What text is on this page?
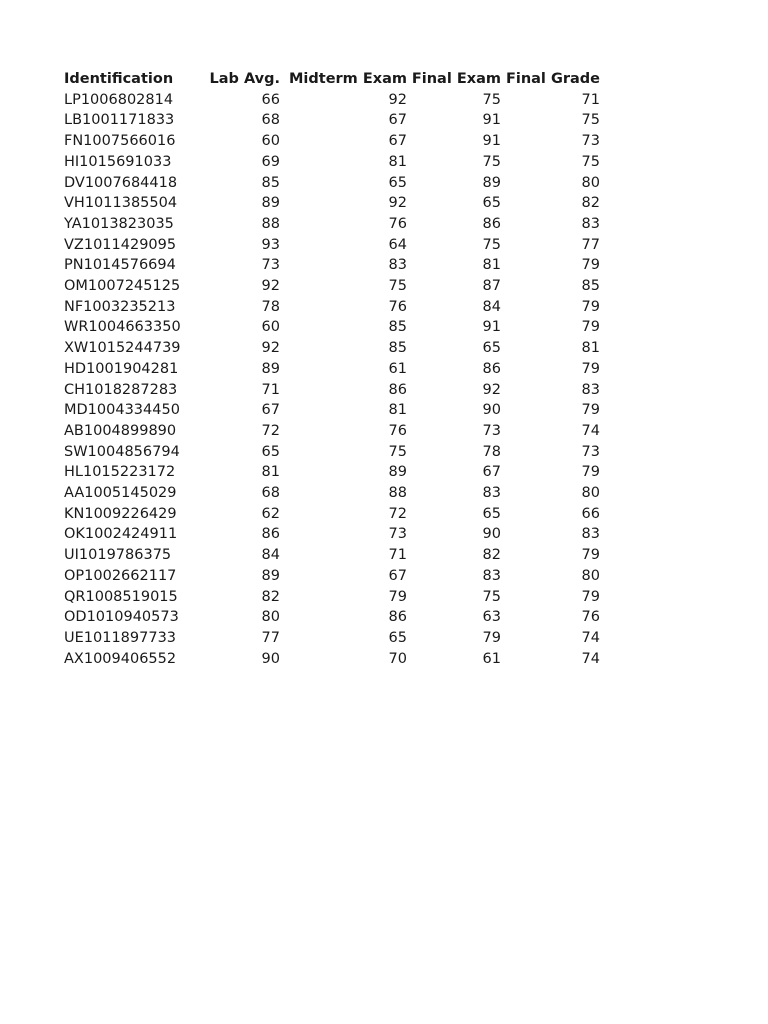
Identification	Lab Avg.	Midterm Exam	Final Exam	Final Grade
LP1006802814	66	92	75	71
LB1001171833	68	67	91	75
FN1007566016	60	67	91	73
HI1015691033	69	81	75	75
DV1007684418	85	65	89	80
VH1011385504	89	92	65	82
YA1013823035	88	76	86	83
VZ1011429095	93	64	75	77
PN1014576694	73	83	81	79
OM1007245125	92	75	87	85
NF1003235213	78	76	84	79
WR1004663350	60	85	91	79
XW1015244739	92	85	65	81
HD1001904281	89	61	86	79
CH1018287283	71	86	92	83
MD1004334450	67	81	90	79
AB1004899890	72	76	73	74
SW1004856794	65	75	78	73
HL1015223172	81	89	67	79
AA1005145029	68	88	83	80
KN1009226429	62	72	65	66
OK1002424911	86	73	90	83
UI1019786375	84	71	82	79
OP1002662117	89	67	83	80
QR1008519015	82	79	75	79
OD1010940573	80	86	63	76
UE1011897733	77	65	79	74
AX1009406552	90	70	61	74
